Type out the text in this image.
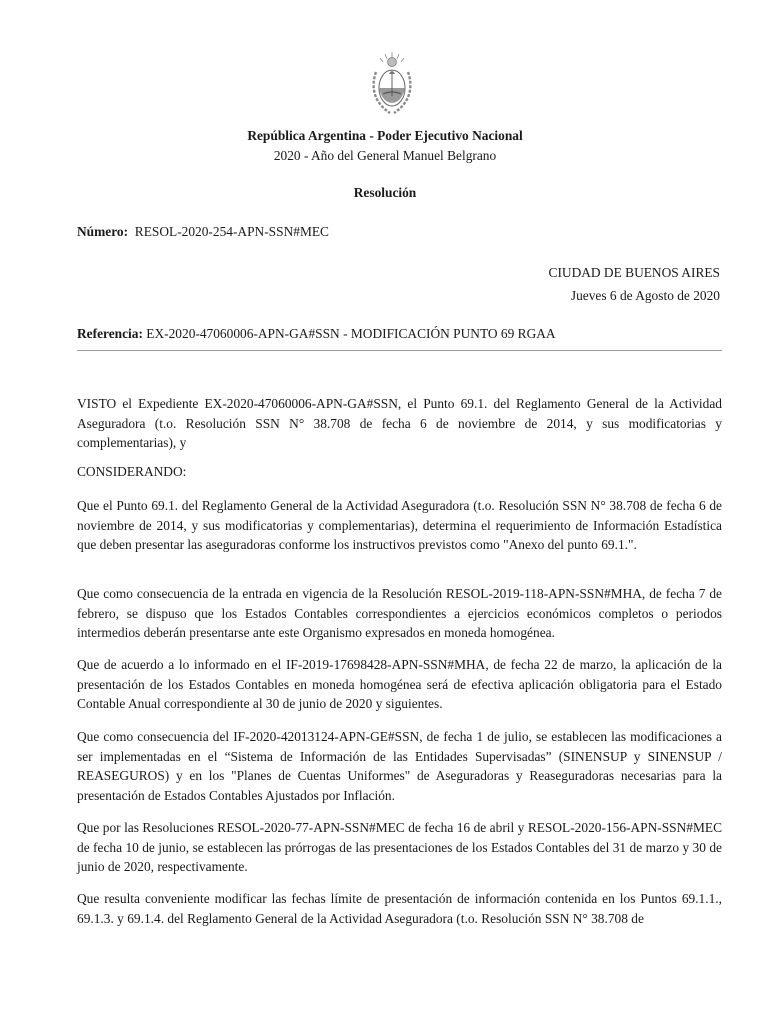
República Argentina - Poder Ejecutivo Nacional
2020 - Año del General Manuel Belgrano
Resolución
Número: RESOL-2020-254-APN-SSN#MEC
CIUDAD DE BUENOS AIRES
Jueves 6 de Agosto de 2020
Referencia: EX-2020-47060006-APN-GA#SSN - MODIFICACIÓN PUNTO 69 RGAA

VISTO el Expediente EX-2020-47060006-APN-GA#SSN, el Punto 69.1. del Reglamento General de la Actividad Aseguradora (t.o. Resolución SSN N° 38.708 de fecha 6 de noviembre de 2014, y sus modificatorias y complementarias), y

CONSIDERANDO:

Que el Punto 69.1. del Reglamento General de la Actividad Aseguradora (t.o. Resolución SSN N° 38.708 de fecha 6 de noviembre de 2014, y sus modificatorias y complementarias), determina el requerimiento de Información Estadística que deben presentar las aseguradoras conforme los instructivos previstos como "Anexo del punto 69.1.".

Que como consecuencia de la entrada en vigencia de la Resolución RESOL-2019-118-APN-SSN#MHA, de fecha 7 de febrero, se dispuso que los Estados Contables correspondientes a ejercicios económicos completos o periodos intermedios deberán presentarse ante este Organismo expresados en moneda homogénea.

Que de acuerdo a lo informado en el IF-2019-17698428-APN-SSN#MHA, de fecha 22 de marzo, la aplicación de la presentación de los Estados Contables en moneda homogénea será de efectiva aplicación obligatoria para el Estado Contable Anual correspondiente al 30 de junio de 2020 y siguientes.

Que como consecuencia del IF-2020-42013124-APN-GE#SSN, de fecha 1 de julio, se establecen las modificaciones a ser implementadas en el “Sistema de Información de las Entidades Supervisadas” (SINENSUP y SINENSUP / REASEGUROS) y en los "Planes de Cuentas Uniformes" de Aseguradoras y Reaseguradoras necesarias para la presentación de Estados Contables Ajustados por Inflación.

Que por las Resoluciones RESOL-2020-77-APN-SSN#MEC de fecha 16 de abril y RESOL-2020-156-APN-SSN#MEC de fecha 10 de junio, se establecen las prórrogas de las presentaciones de los Estados Contables del 31 de marzo y 30 de junio de 2020, respectivamente.

Que resulta conveniente modificar las fechas límite de presentación de información contenida en los Puntos 69.1.1., 69.1.3. y 69.1.4. del Reglamento General de la Actividad Aseguradora (t.o. Resolución SSN N° 38.708 de
